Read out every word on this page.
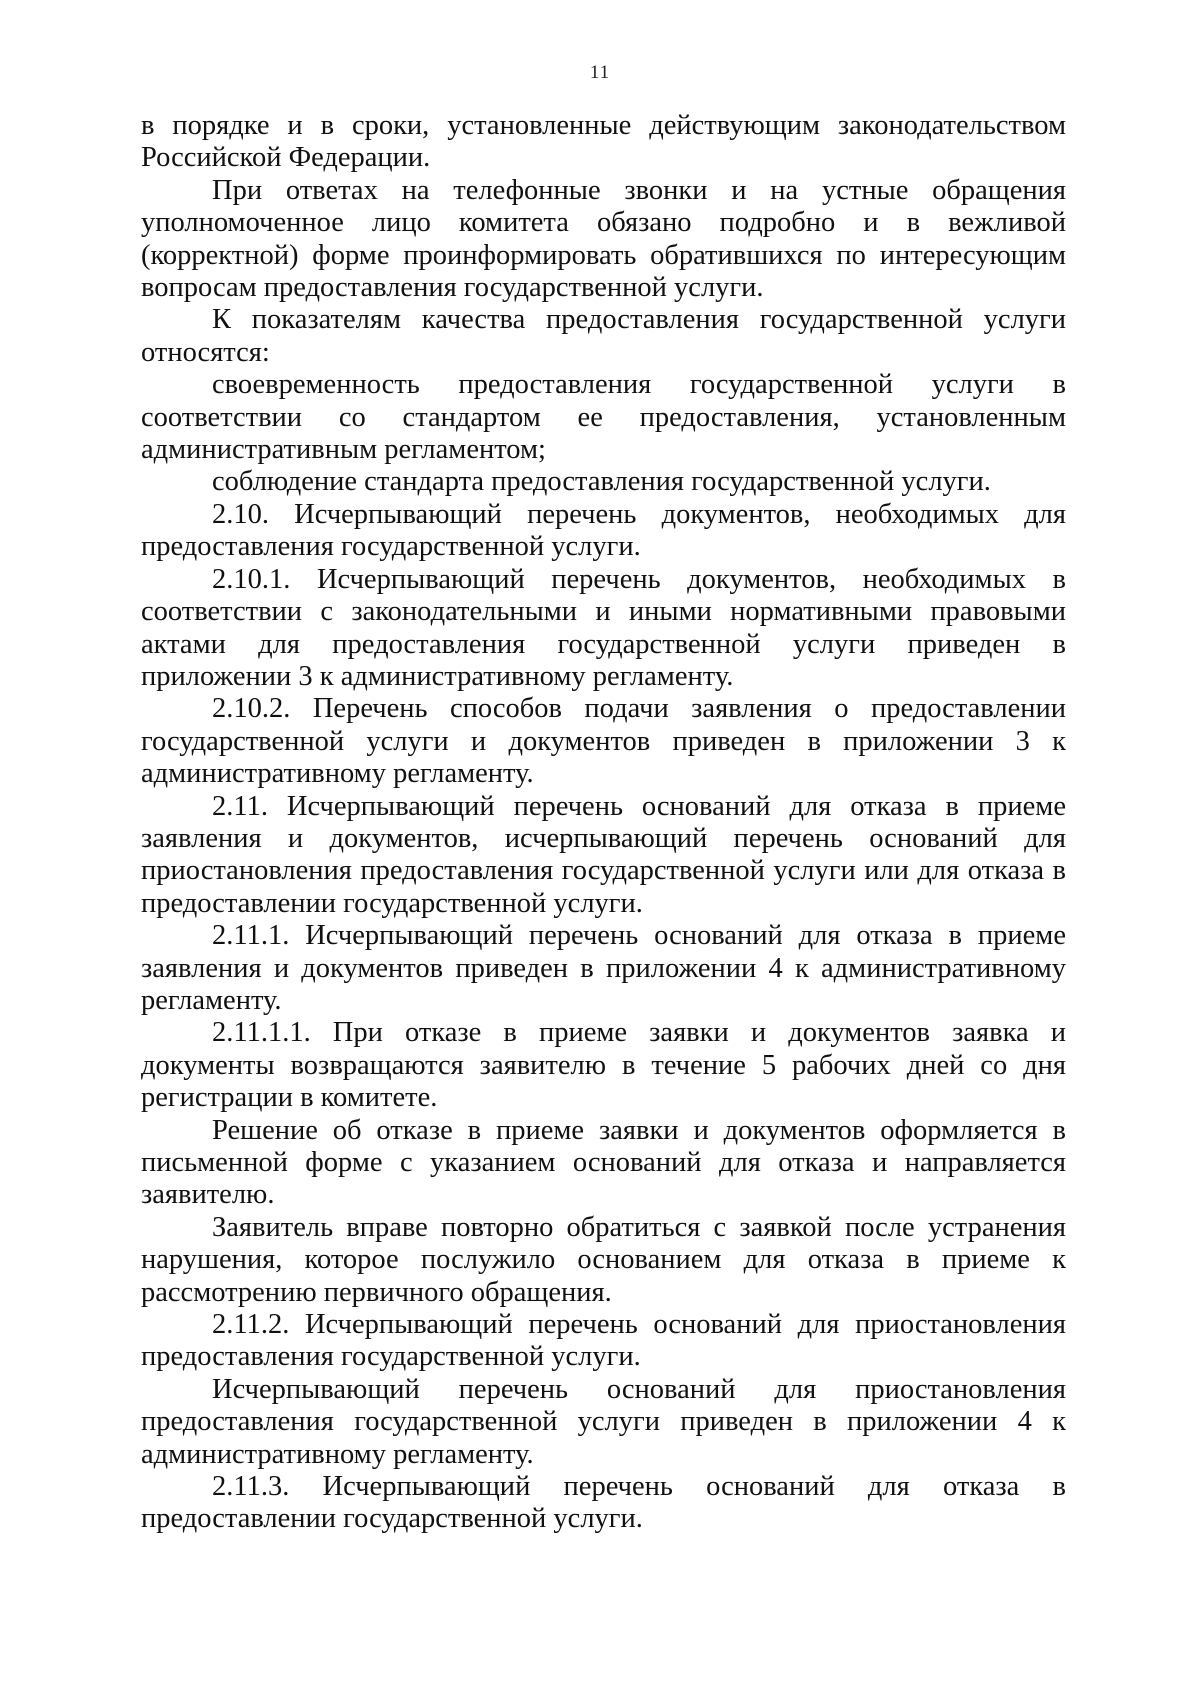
11

в порядке и в сроки, установленные действующим законодательством Российской Федерации.

При ответах на телефонные звонки и на устные обращения уполномоченное лицо комитета обязано подробно и в вежливой (корректной) форме проинформировать обратившихся по интересующим вопросам предоставления государственной услуги.

К показателям качества предоставления государственной услуги относятся:

своевременность предоставления государственной услуги в соответствии со стандартом ее предоставления, установленным административным регламентом;

соблюдение стандарта предоставления государственной услуги.

2.10. Исчерпывающий перечень документов, необходимых для предоставления государственной услуги.

2.10.1. Исчерпывающий перечень документов, необходимых в соответствии с законодательными и иными нормативными правовыми актами для предоставления государственной услуги приведен в приложении 3 к административному регламенту.

2.10.2. Перечень способов подачи заявления о предоставлении государственной услуги и документов приведен в приложении 3 к административному регламенту.

2.11. Исчерпывающий перечень оснований для отказа в приеме заявления и документов, исчерпывающий перечень оснований для приостановления предоставления государственной услуги или для отказа в предоставлении государственной услуги.

2.11.1. Исчерпывающий перечень оснований для отказа в приеме заявления и документов приведен в приложении 4 к административному регламенту.

2.11.1.1. При отказе в приеме заявки и документов заявка и документы возвращаются заявителю в течение 5 рабочих дней со дня регистрации в комитете.

Решение об отказе в приеме заявки и документов оформляется в письменной форме с указанием оснований для отказа и направляется заявителю.

Заявитель вправе повторно обратиться с заявкой после устранения нарушения, которое послужило основанием для отказа в приеме к рассмотрению первичного обращения.

2.11.2. Исчерпывающий перечень оснований для приостановления предоставления государственной услуги.

Исчерпывающий перечень оснований для приостановления предоставления государственной услуги приведен в приложении 4 к административному регламенту.

2.11.3. Исчерпывающий перечень оснований для отказа в предоставлении государственной услуги.
